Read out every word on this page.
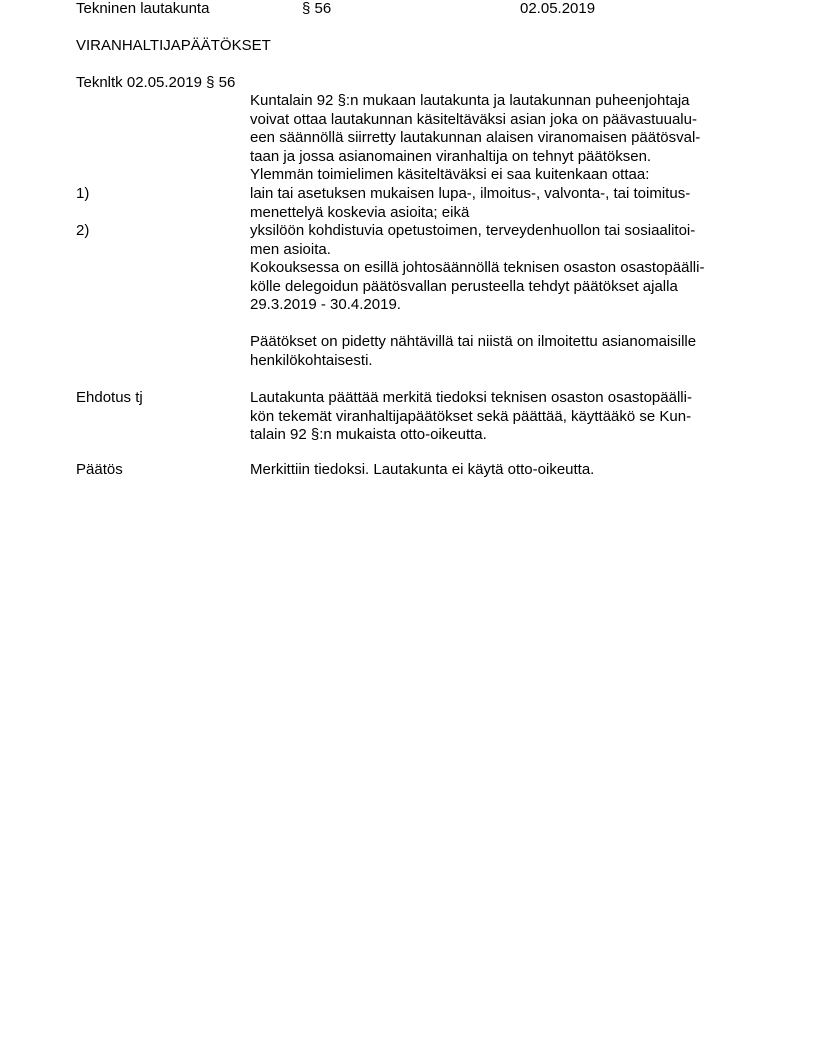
Tekninen lautakunta	§ 56	02.05.2019
VIRANHALTIJAPÄÄTÖKSET
Teknltk 02.05.2019 § 56
Kuntalain 92 §:n mukaan lautakunta ja lautakunnan puheenjohtaja
voivat ottaa lautakunnan käsiteltäväksi asian joka on päävastuualu-
een säännöllä siirretty lautakunnan alaisen viranomaisen päätösval-
taan ja jossa asianomainen viranhaltija on tehnyt päätöksen.
Ylemmän toimielimen käsiteltäväksi ei saa kuitenkaan ottaa:
1)	lain tai asetuksen mukaisen lupa-, ilmoitus-, valvonta-, tai toimitus-
menettelyä koskevia asioita; eikä
2)	yksilöön kohdistuvia opetustoimen, terveydenhuollon tai sosiaalitoi-
men asioita.
Kokouksessa on esillä johtosäännöllä teknisen osaston osastopäälli-
kölle delegoidun päätösvallan perusteella tehdyt päätökset ajalla
29.3.2019 - 30.4.2019.
Päätökset on pidetty nähtävillä tai niistä on ilmoitettu asianomaisille
henkilökohtaisesti.
Ehdotus tj	Lautakunta päättää merkitä tiedoksi teknisen osaston osastopäälli-
kön tekemät viranhaltijapäätökset sekä päättää, käyttääkö se Kun-
talain 92 §:n mukaista otto-oikeutta.
Päätös	Merkittiin tiedoksi. Lautakunta ei käytä otto-oikeutta.
